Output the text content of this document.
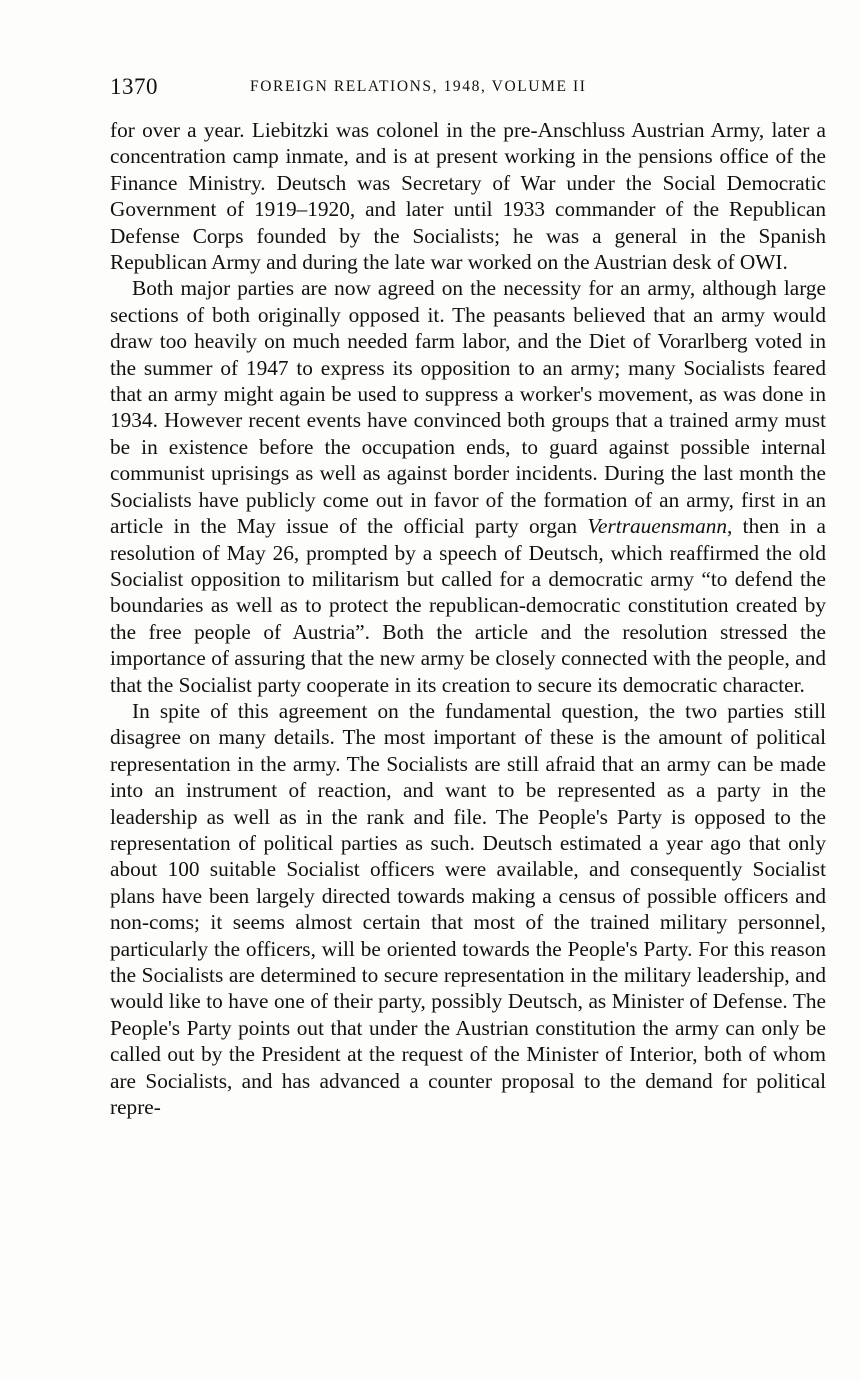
1370	FOREIGN RELATIONS, 1948, VOLUME II

for over a year. Liebitzki was colonel in the pre-Anschluss Austrian Army, later a concentration camp inmate, and is at present working in the pensions office of the Finance Ministry. Deutsch was Secretary of War under the Social Democratic Government of 1919–1920, and later until 1933 commander of the Republican Defense Corps founded by the Socialists; he was a general in the Spanish Republican Army and during the late war worked on the Austrian desk of OWI.

Both major parties are now agreed on the necessity for an army, although large sections of both originally opposed it. The peasants believed that an army would draw too heavily on much needed farm labor, and the Diet of Vorarlberg voted in the summer of 1947 to express its opposition to an army; many Socialists feared that an army might again be used to suppress a worker's movement, as was done in 1934. However recent events have convinced both groups that a trained army must be in existence before the occupation ends, to guard against possible internal communist uprisings as well as against border incidents. During the last month the Socialists have publicly come out in favor of the formation of an army, first in an article in the May issue of the official party organ Vertrauensmann, then in a resolution of May 26, prompted by a speech of Deutsch, which reaffirmed the old Socialist opposition to militarism but called for a democratic army “to defend the boundaries as well as to protect the republican-democratic constitution created by the free people of Austria”. Both the article and the resolution stressed the importance of assuring that the new army be closely connected with the people, and that the Socialist party cooperate in its creation to secure its democratic character.

In spite of this agreement on the fundamental question, the two parties still disagree on many details. The most important of these is the amount of political representation in the army. The Socialists are still afraid that an army can be made into an instrument of reaction, and want to be represented as a party in the leadership as well as in the rank and file. The People's Party is opposed to the representation of political parties as such. Deutsch estimated a year ago that only about 100 suitable Socialist officers were available, and consequently Socialist plans have been largely directed towards making a census of possible officers and non-coms; it seems almost certain that most of the trained military personnel, particularly the officers, will be oriented towards the People's Party. For this reason the Socialists are determined to secure representation in the military leadership, and would like to have one of their party, possibly Deutsch, as Minister of Defense. The People's Party points out that under the Austrian constitution the army can only be called out by the President at the request of the Minister of Interior, both of whom are Socialists, and has advanced a counter proposal to the demand for political repre-
